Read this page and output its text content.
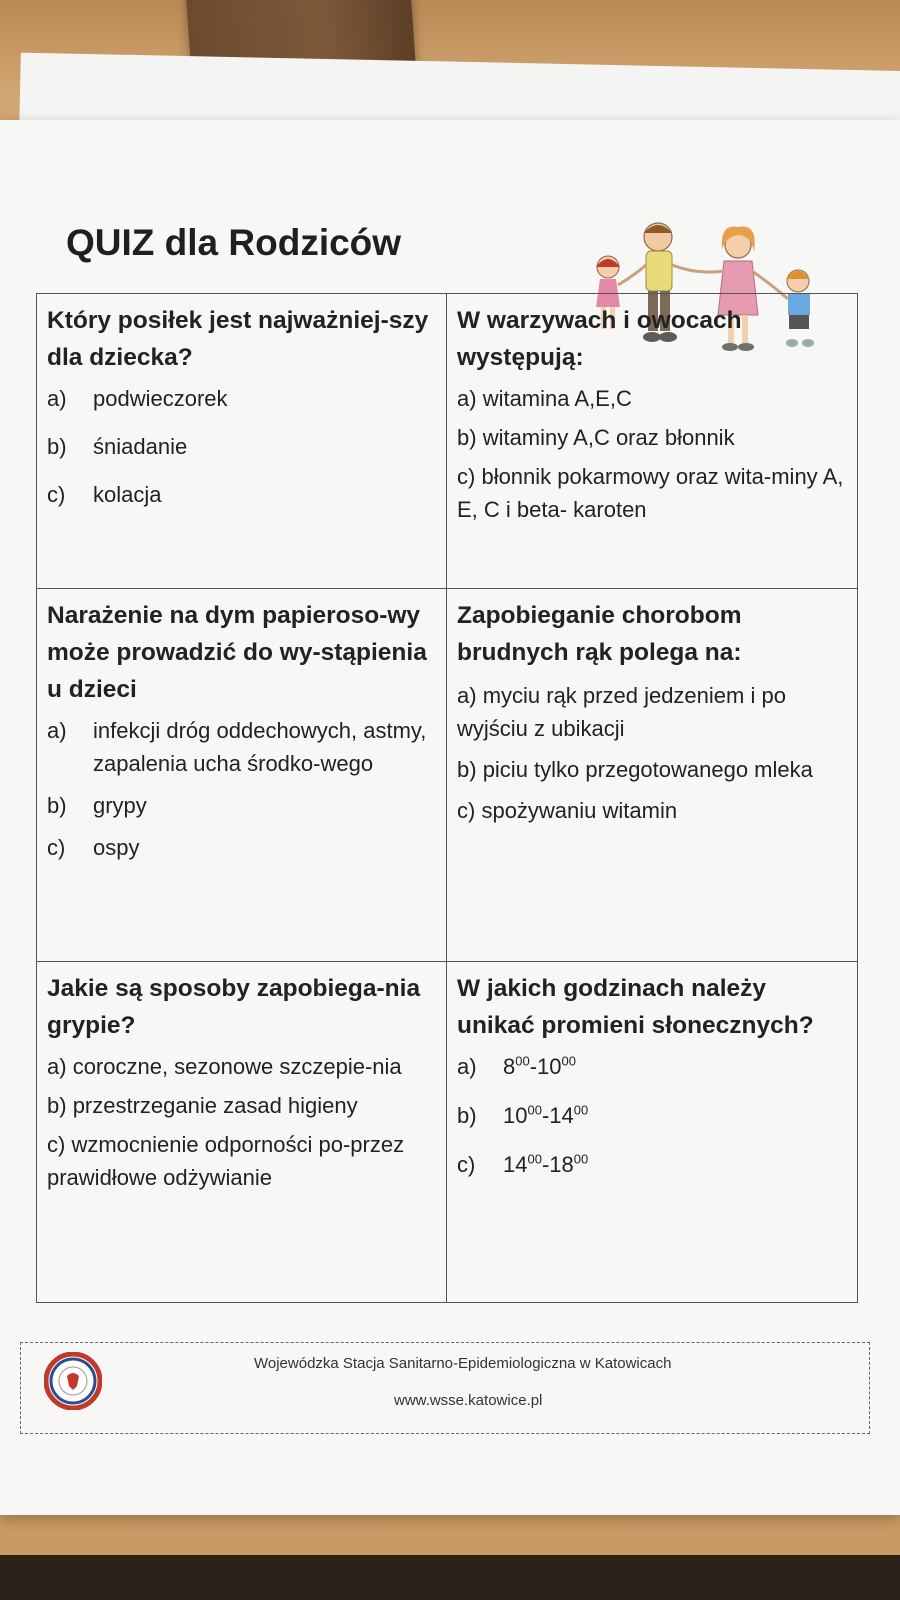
QUIZ dla Rodziców
Który posiłek jest najważniej-szy dla dziecka?
a)	podwieczorek
b)	śniadanie
c)	kolacja
W warzywach i owocach występują:
a) witamina A,E,C
b) witaminy A,C oraz błonnik
c) błonnik pokarmowy oraz wita-miny A, E, C i beta- karoten
Narażenie na dym papieroso-wy może prowadzić do wy-stąpienia u dzieci
a)	infekcji dróg oddechowych, astmy, zapalenia ucha środko-wego
b)	grypy
c)	ospy
Zapobieganie chorobom brudnych rąk polega na:
a) myciu rąk przed jedzeniem i po wyjściu z ubikacji
b) piciu tylko przegotowanego mleka
c) spożywaniu witamin
Jakie są sposoby zapobiega-nia grypie?
a) coroczne, sezonowe szczepie-nia
b) przestrzeganie zasad higieny
c) wzmocnienie odporności po-przez prawidłowe odżywianie
W jakich godzinach należy unikać promieni słonecznych?
a)	$8^{00}-10^{00}$
b)	$10^{00}-14^{00}$
c)	$14^{00}-18^{00}$
Wojewódzka Stacja Sanitarno-Epidemiologiczna w Katowicach
www.wsse.katowice.pl
